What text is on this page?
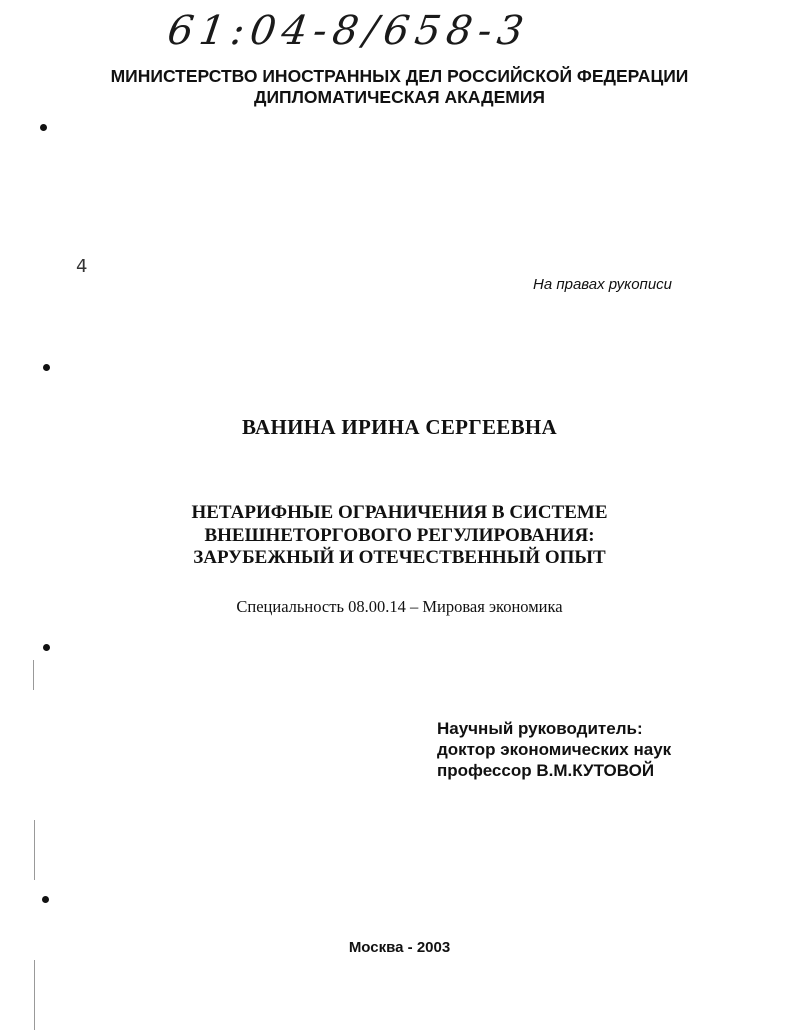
61:04-8/658-3
МИНИСТЕРСТВО ИНОСТРАННЫХ ДЕЛ РОССИЙСКОЙ ФЕДЕРАЦИИ
ДИПЛОМАТИЧЕСКАЯ АКАДЕМИЯ
4
На правах рукописи
ВАНИНА ИРИНА СЕРГЕЕВНА
НЕТАРИФНЫЕ ОГРАНИЧЕНИЯ В СИСТЕМЕ
ВНЕШНЕТОРГОВОГО РЕГУЛИРОВАНИЯ:
ЗАРУБЕЖНЫЙ И ОТЕЧЕСТВЕННЫЙ ОПЫТ
Специальность 08.00.14 – Мировая экономика
Научный руководитель:
доктор экономических наук
профессор В.М.КУТОВОЙ
Москва - 2003
